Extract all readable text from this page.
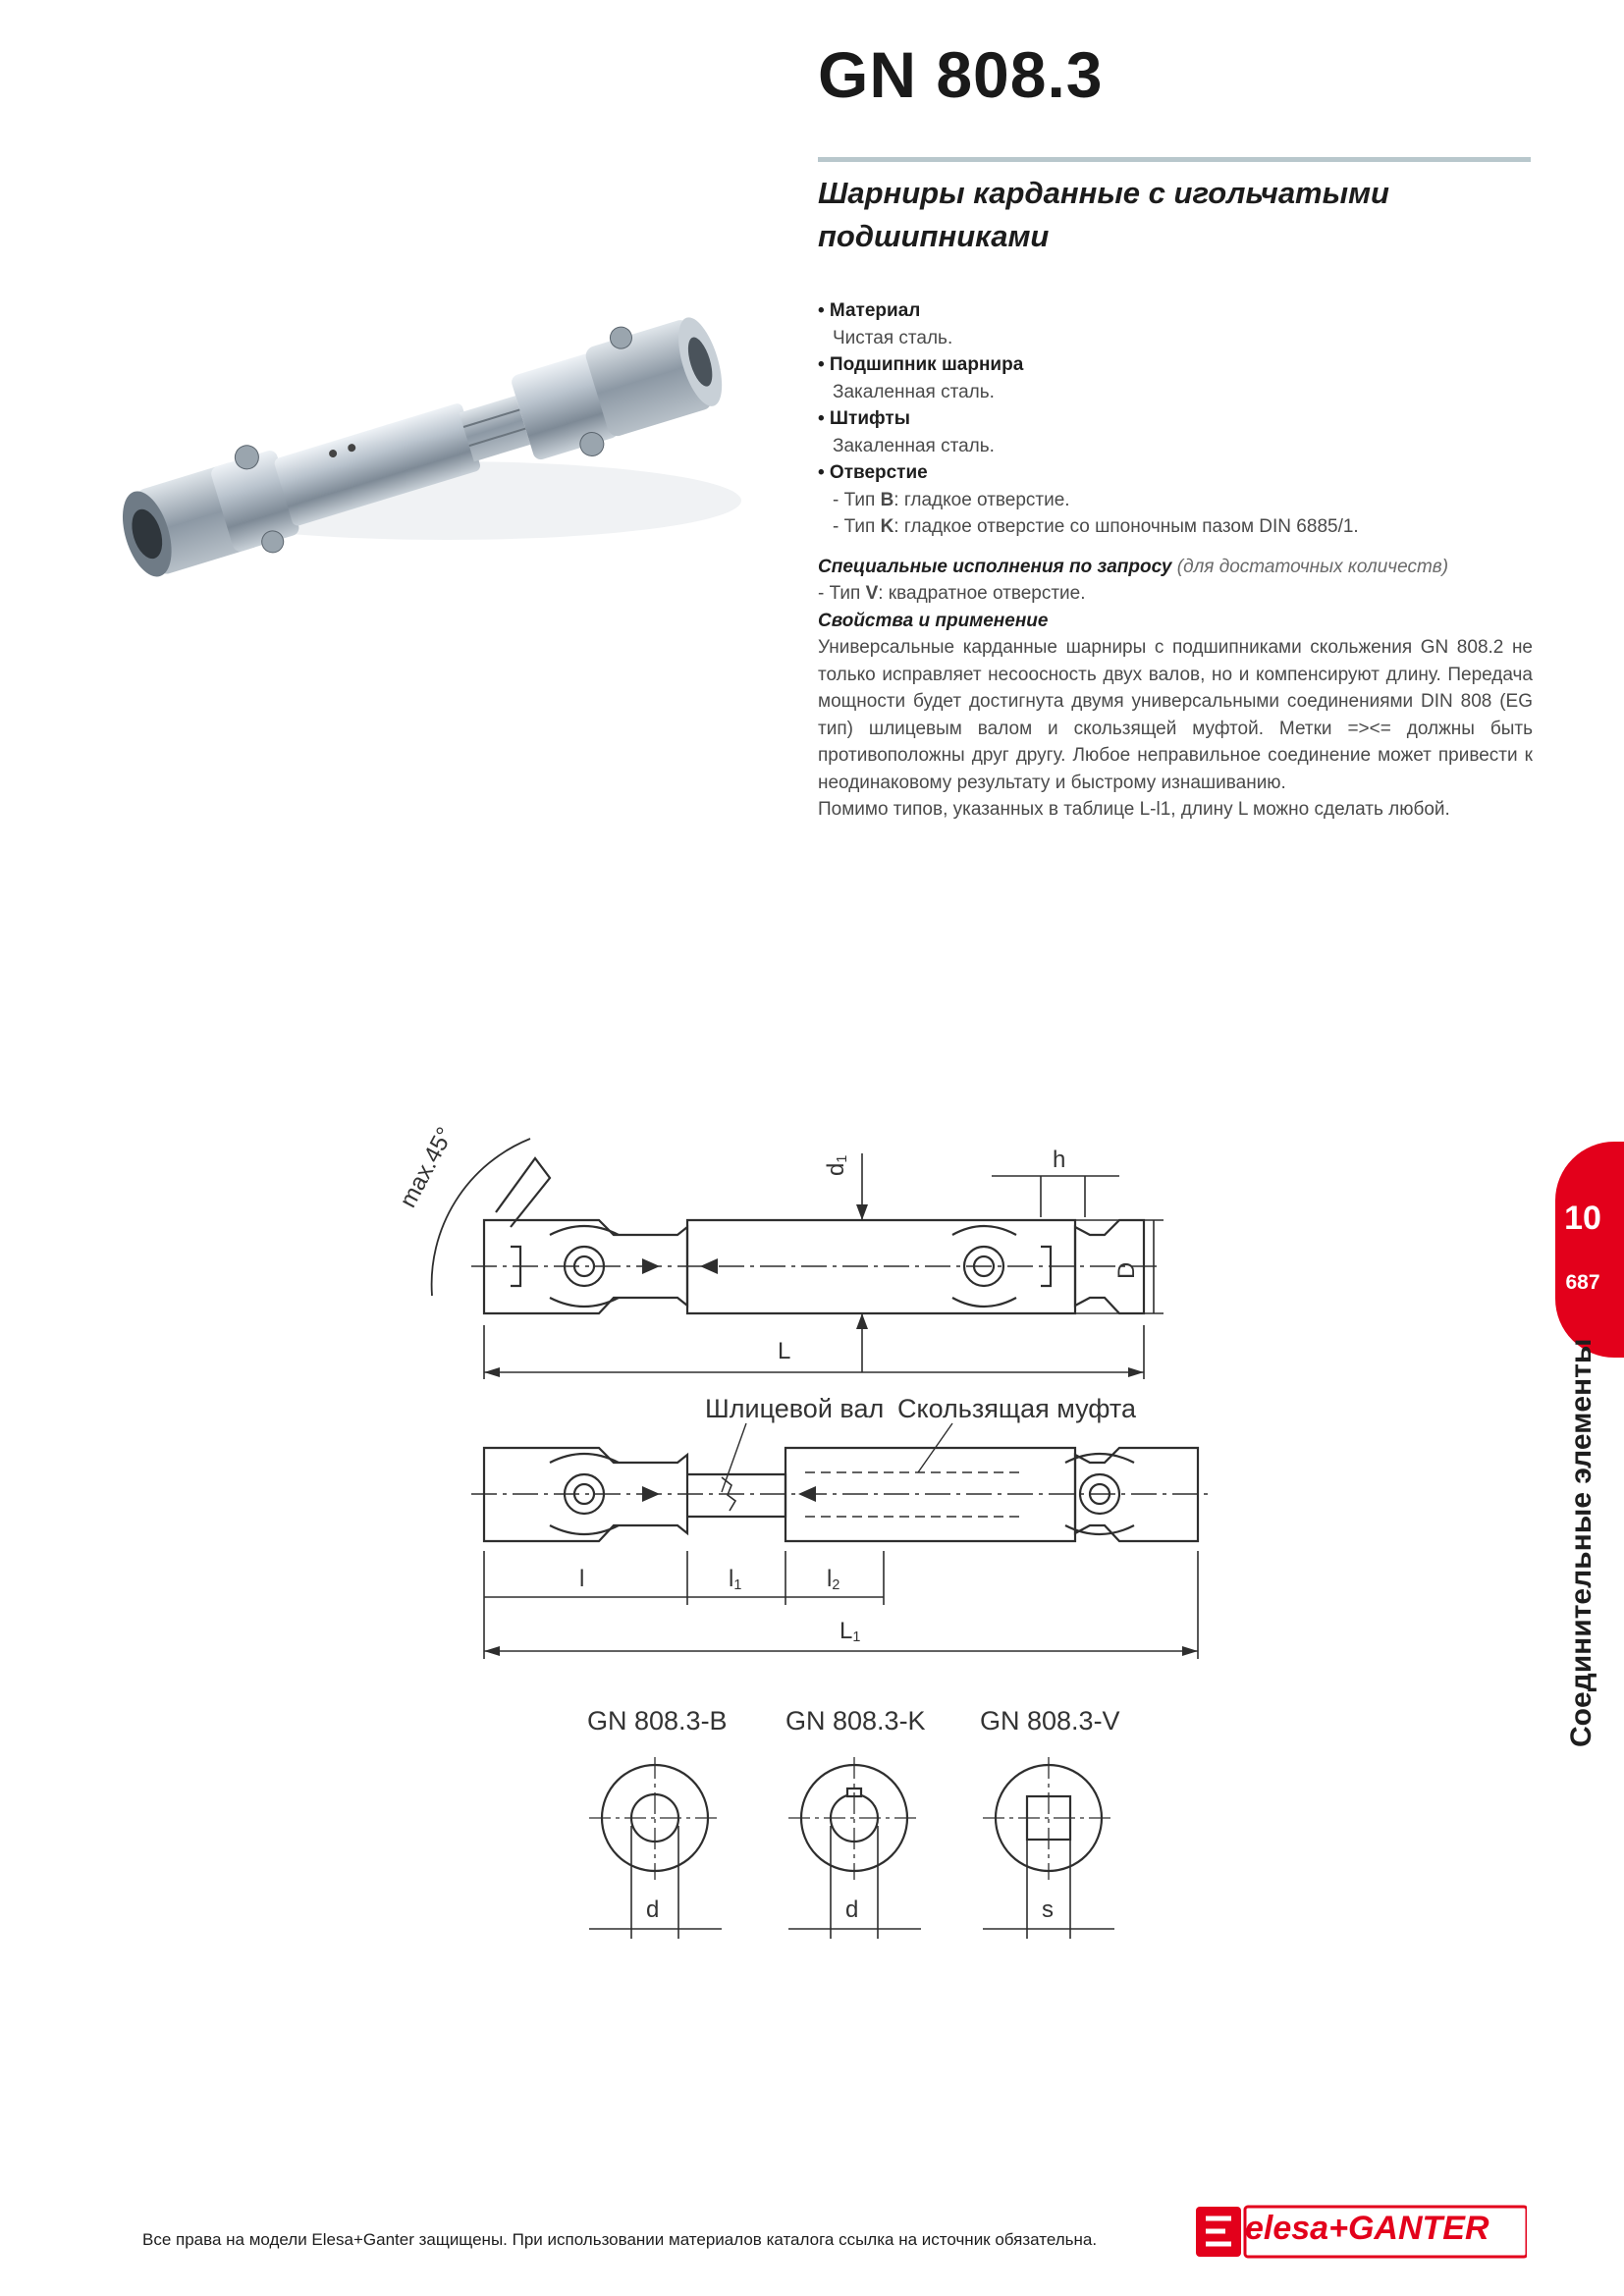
GN 808.3
Шарниры карданные с игольчатыми подшипниками
• Материал
Чистая сталь.
• Подшипник шарнира
Закаленная сталь.
• Штифты
Закаленная сталь.
• Отверстие
- Тип B: гладкое отверстие.
- Тип K: гладкое отверстие со шпоночным пазом DIN 6885/1.
Специальные исполнения по запросу (для достаточных количеств)
- Тип V: квадратное отверстие.
Свойства и применение
Универсальные карданные шарниры с подшипниками скольжения GN 808.2 не только исправляет несоосность двух валов, но и компенсируют длину. Передача мощности будет достигнута двумя универсальными соединениями DIN 808 (EG тип) шлицевым валом и скользящей муфтой. Метки =><= должны быть противоположны друг другу. Любое неправильное соединение может привести к неодинаковому результату и быстрому изнашиванию.
Помимо типов, указанных в таблице L-l1, длину L можно сделать любой.
max.45°	$d_1$	h
D
L
Шлицевой вал Скользящая муфта
l	$l_1$	$l_2$
$L_1$
GN 808.3-B GN 808.3-K GN 808.3-V
d	d	s
10
687
Соединительные элементы
Все права на модели Elesa+Ganter защищены. При использовании материалов каталога ссылка на источник обязательна.	elesa+GANTER
